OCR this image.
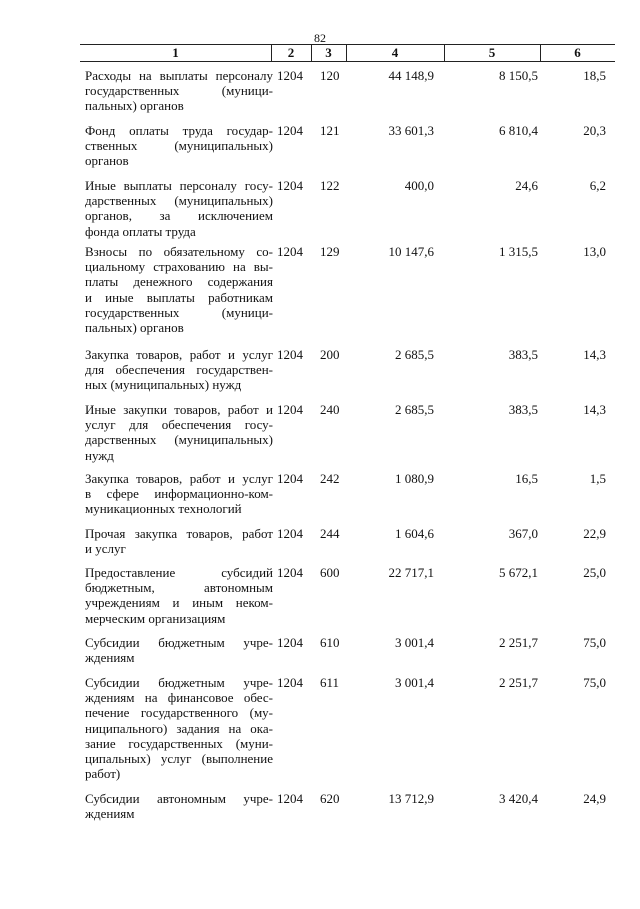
82
1	2	3	4	5	6
Расходы на выплаты персоналу
государственных (муници-
пальных) органов
1204	120	44 148,9	8 150,5	18,5
Фонд оплаты труда государ-
ственных (муниципальных)
органов
1204	121	33 601,3	6 810,4	20,3
Иные выплаты персоналу госу-
дарственных (муниципальных)
органов, за исключением
фонда оплаты труда
1204	122	400,0	24,6	6,2
Взносы по обязательному со-
циальному страхованию на вы-
платы денежного содержания
и иные выплаты работникам
государственных (муници-
пальных) органов
1204	129	10 147,6	1 315,5	13,0
Закупка товаров, работ и услуг
для обеспечения государствен-
ных (муниципальных) нужд
1204	200	2 685,5	383,5	14,3
Иные закупки товаров, работ и
услуг для обеспечения госу-
дарственных (муниципальных)
нужд
1204	240	2 685,5	383,5	14,3
Закупка товаров, работ и услуг
в сфере информационно-ком-
муникационных технологий
1204	242	1 080,9	16,5	1,5
Прочая закупка товаров, работ
и услуг
1204	244	1 604,6	367,0	22,9
Предоставление субсидий
бюджетным, автономным
учреждениям и иным неком-
мерческим организациям
1204	600	22 717,1	5 672,1	25,0
Субсидии бюджетным учре-
ждениям
1204	610	3 001,4	2 251,7	75,0
Субсидии бюджетным учре-
ждениям на финансовое обес-
печение государственного (му-
ниципального) задания на ока-
зание государственных (муни-
ципальных) услуг (выполнение
работ)
1204	611	3 001,4	2 251,7	75,0
Субсидии автономным учре-
ждениям
1204	620	13 712,9	3 420,4	24,9
